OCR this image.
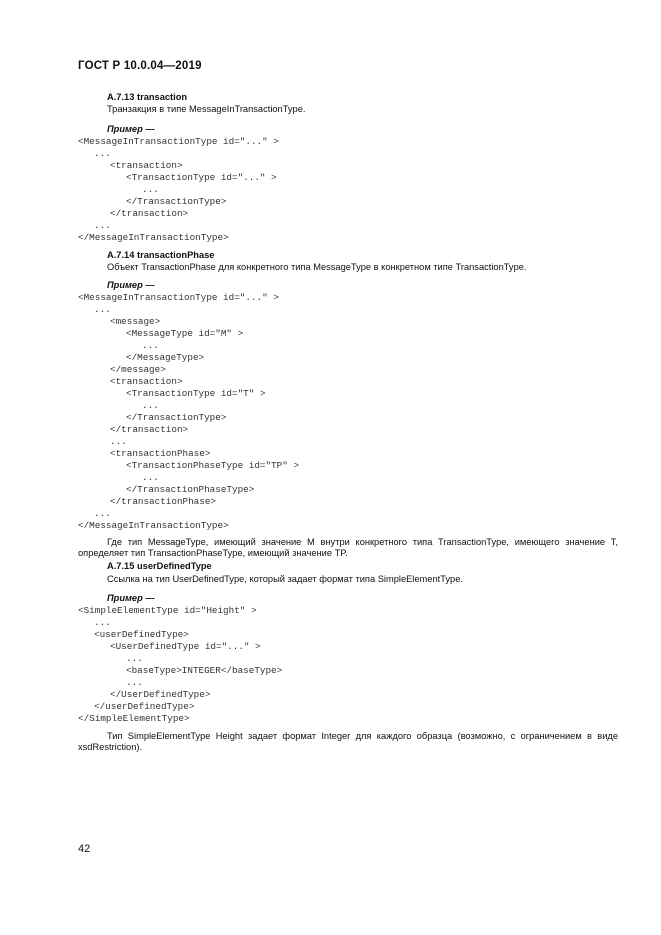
ГОСТ Р 10.0.04—2019
A.7.13 transaction
Транзакция в типе MessageInTransactionType.
Пример —
<MessageInTransactionType id="..." >
...
<transaction>
<TransactionType id="..." >
...
</TransactionType>
</transaction>
...
</MessageInTransactionType>
A.7.14 transactionPhase
Объект TransactionPhase для конкретного типа MessageType в конкретном типе TransactionType.
Пример —
<MessageInTransactionType id="..." >
...
<message>
<MessageType id="M" >
...
</MessageType>
</message>
<transaction>
<TransactionType id="T" >
...
</TransactionType>
</transaction>
...
<transactionPhase>
<TransactionPhaseType id="TP" >
...
</TransactionPhaseType>
</transactionPhase>
...
</MessageInTransactionType>
Где тип MessageType, имеющий значение M внутри конкретного типа TransactionType, имеющего значение T,
определяет тип TransactionPhaseType, имеющий значение TP.
A.7.15 userDefinedType
Ссылка на тип UserDefinedType, который задает формат типа SimpleElementType.
Пример —
<SimpleElementType id="Height" >
...
<userDefinedType>
<UserDefinedType id="..." >
...
<baseType>INTEGER</baseType>
...
</UserDefinedType>
</userDefinedType>
</SimpleElementType>
Тип SimpleElementType Height задает формат Integer для каждого образца (возможно, с ограничением в виде
xsdRestriction).
42
